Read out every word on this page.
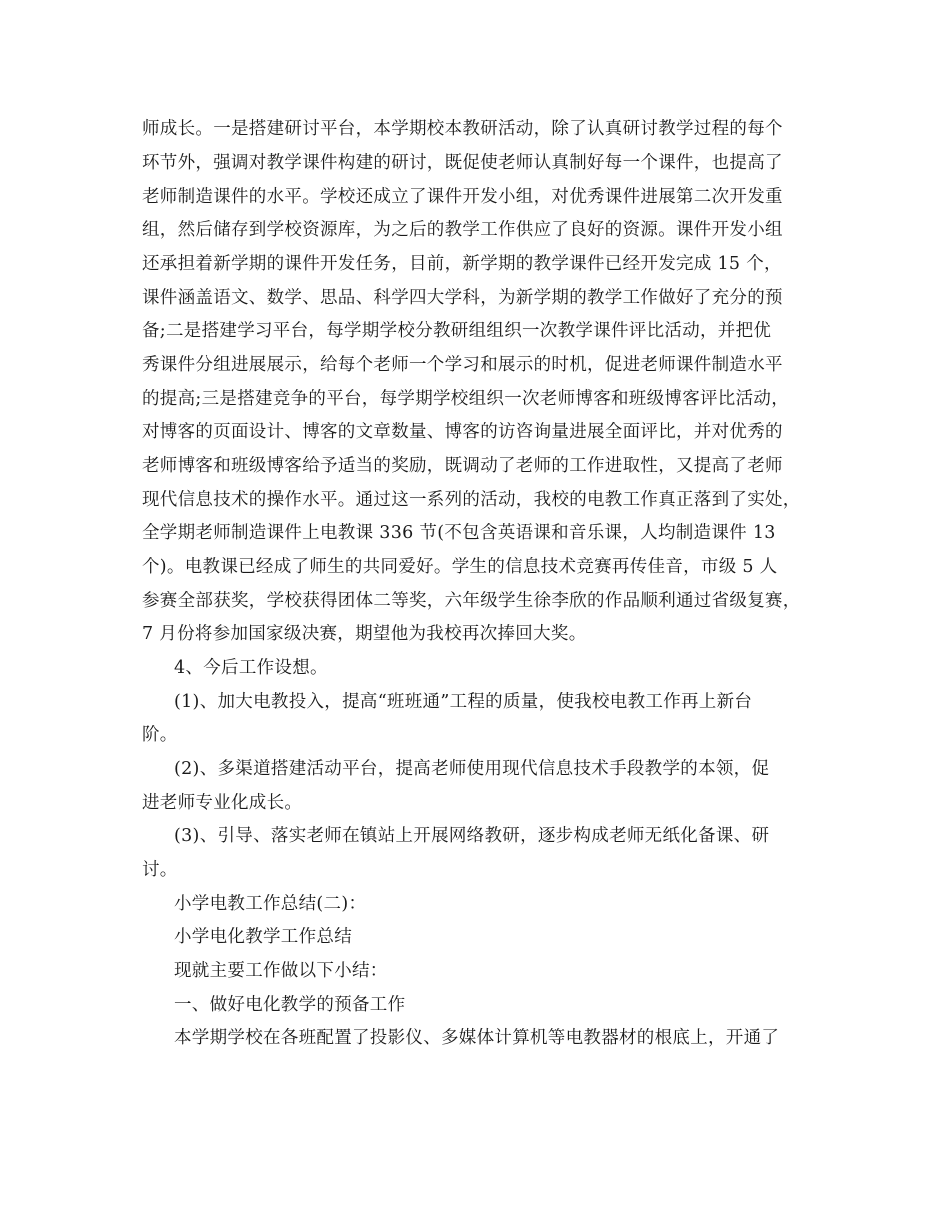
师成长。一是搭建研讨平台，本学期校本教研活动，除了认真研讨教学过程的每个
环节外，强调对教学课件构建的研讨，既促使老师认真制好每一个课件，也提高了
老师制造课件的水平。学校还成立了课件开发小组，对优秀课件进展第二次开发重
组，然后储存到学校资源库，为之后的教学工作供应了良好的资源。课件开发小组
还承担着新学期的课件开发任务，目前，新学期的教学课件已经开发完成 15 个，
课件涵盖语文、数学、思品、科学四大学科，为新学期的教学工作做好了充分的预
备;二是搭建学习平台，每学期学校分教研组组织一次教学课件评比活动，并把优
秀课件分组进展展示，给每个老师一个学习和展示的时机，促进老师课件制造水平
的提高;三是搭建竞争的平台，每学期学校组织一次老师博客和班级博客评比活动，
对博客的页面设计、博客的文章数量、博客的访咨询量进展全面评比，并对优秀的
老师博客和班级博客给予适当的奖励，既调动了老师的工作进取性，又提高了老师
现代信息技术的操作水平。通过这一系列的活动，我校的电教工作真正落到了实处，
全学期老师制造课件上电教课 336 节(不包含英语课和音乐课，人均制造课件 13
个)。电教课已经成了师生的共同爱好。学生的信息技术竞赛再传佳音，市级 5 人
参赛全部获奖，学校获得团体二等奖，六年级学生徐李欣的作品顺利通过省级复赛，
7 月份将参加国家级决赛，期望他为我校再次捧回大奖。
4、今后工作设想。
(1)、加大电教投入，提高“班班通”工程的质量，使我校电教工作再上新台
阶。
(2)、多渠道搭建活动平台，提高老师使用现代信息技术手段教学的本领，促
进老师专业化成长。
(3)、引导、落实老师在镇站上开展网络教研，逐步构成老师无纸化备课、研
讨。
小学电教工作总结(二)：
小学电化教学工作总结
现就主要工作做以下小结：
一、做好电化教学的预备工作
本学期学校在各班配置了投影仪、多媒体计算机等电教器材的根底上，开通了
